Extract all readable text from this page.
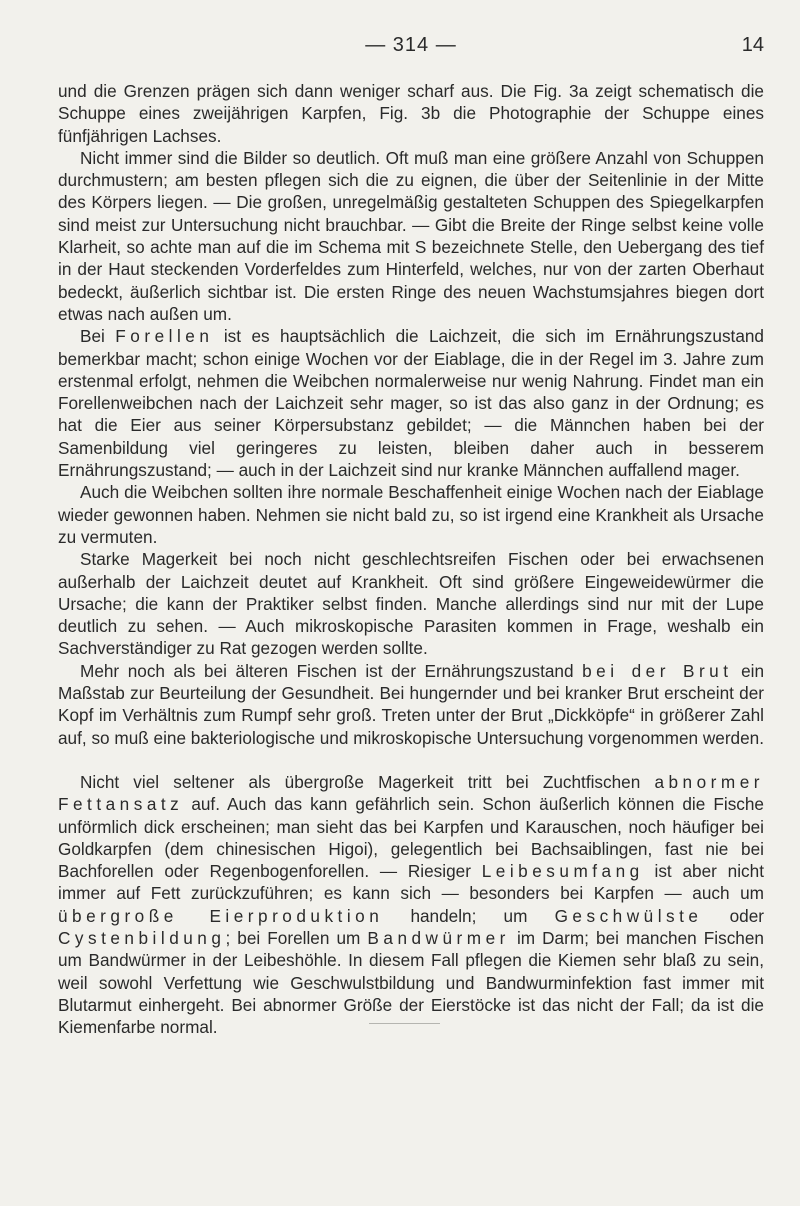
— 314 —	14

und die Grenzen prägen sich dann weniger scharf aus. Die Fig. 3a zeigt schematisch die Schuppe eines zweijährigen Karpfen, Fig. 3b die Photographie der Schuppe eines fünfjährigen Lachses.

Nicht immer sind die Bilder so deutlich. Oft muß man eine größere Anzahl von Schuppen durchmustern; am besten pflegen sich die zu eignen, die über der Seitenlinie in der Mitte des Körpers liegen. — Die großen, unregelmäßig gestalteten Schuppen des Spiegelkarpfen sind meist zur Untersuchung nicht brauchbar. — Gibt die Breite der Ringe selbst keine volle Klarheit, so achte man auf die im Schema mit S bezeichnete Stelle, den Uebergang des tief in der Haut steckenden Vorderfeldes zum Hinterfeld, welches, nur von der zarten Oberhaut bedeckt, äußerlich sichtbar ist. Die ersten Ringe des neuen Wachstumsjahres biegen dort etwas nach außen um.

Bei Forellen ist es hauptsächlich die Laichzeit, die sich im Ernährungszustand bemerkbar macht; schon einige Wochen vor der Eiablage, die in der Regel im 3. Jahre zum erstenmal erfolgt, nehmen die Weibchen normalerweise nur wenig Nahrung. Findet man ein Forellenweibchen nach der Laichzeit sehr mager, so ist das also ganz in der Ordnung; es hat die Eier aus seiner Körpersubstanz gebildet; — die Männchen haben bei der Samenbildung viel geringeres zu leisten, bleiben daher auch in besserem Ernährungszustand; — auch in der Laichzeit sind nur kranke Männchen auffallend mager.

Auch die Weibchen sollten ihre normale Beschaffenheit einige Wochen nach der Eiablage wieder gewonnen haben. Nehmen sie nicht bald zu, so ist irgend eine Krankheit als Ursache zu vermuten.

Starke Magerkeit bei noch nicht geschlechtsreifen Fischen oder bei erwachsenen außerhalb der Laichzeit deutet auf Krankheit. Oft sind größere Eingeweidewürmer die Ursache; die kann der Praktiker selbst finden. Manche allerdings sind nur mit der Lupe deutlich zu sehen. — Auch mikroskopische Parasiten kommen in Frage, weshalb ein Sachverständiger zu Rat gezogen werden sollte.

Mehr noch als bei älteren Fischen ist der Ernährungszustand bei der Brut ein Maßstab zur Beurteilung der Gesundheit. Bei hungernder und bei kranker Brut erscheint der Kopf im Verhältnis zum Rumpf sehr groß. Treten unter der Brut „Dickköpfe“ in größerer Zahl auf, so muß eine bakteriologische und mikroskopische Untersuchung vorgenommen werden.

Nicht viel seltener als übergroße Magerkeit tritt bei Zuchtfischen abnormer Fettansatz auf. Auch das kann gefährlich sein. Schon äußerlich können die Fische unförmlich dick erscheinen; man sieht das bei Karpfen und Karauschen, noch häufiger bei Goldkarpfen (dem chinesischen Higoi), gelegentlich bei Bachsaiblingen, fast nie bei Bachforellen oder Regenbogenforellen. — Riesiger Leibesumfang ist aber nicht immer auf Fett zurückzuführen; es kann sich — besonders bei Karpfen — auch um übergroße Eierproduktion handeln; um Geschwülste oder Cystenbildung; bei Forellen um Bandwürmer im Darm; bei manchen Fischen um Bandwürmer in der Leibeshöhle. In diesem Fall pflegen die Kiemen sehr blaß zu sein, weil sowohl Verfettung wie Geschwulstbildung und Bandwurminfektion fast immer mit Blutarmut einhergeht. Bei abnormer Größe der Eierstöcke ist das nicht der Fall; da ist die Kiemenfarbe normal.
